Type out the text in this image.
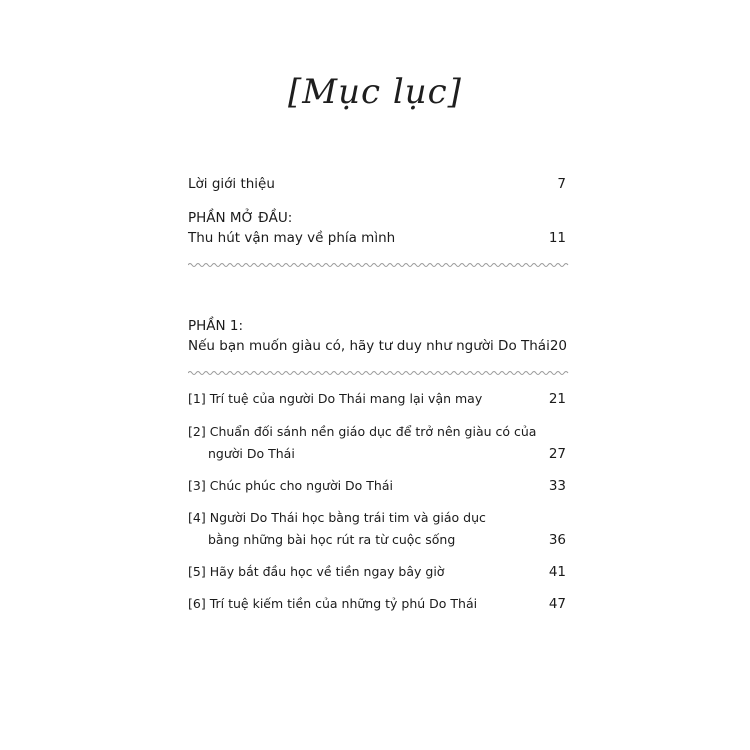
[Mục lục]
Lời giới thiệu	7
PHẦN MỞ ĐẦU:
Thu hút vận may về phía mình	11
PHẦN 1:
Nếu bạn muốn giàu có, hãy tư duy như người Do Thái 20
[1] Trí tuệ của người Do Thái mang lại vận may	21
[2] Chuẩn đối sánh nền giáo dục để trở nên giàu có của
người Do Thái	27
[3] Chúc phúc cho người Do Thái	33
[4] Người Do Thái học bằng trái tim và giáo dục
bằng những bài học rút ra từ cuộc sống	36
[5] Hãy bắt đầu học về tiền ngay bây giờ	41
[6] Trí tuệ kiếm tiền của những tỷ phú Do Thái	47
